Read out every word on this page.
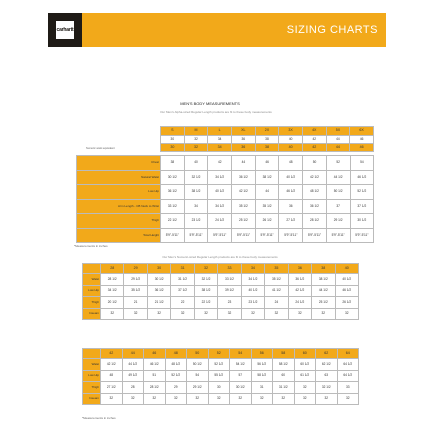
carhartt	SIZING CHARTS
MEN'S BODY MEASUREMENTS
Our Men's Alpha-sized Regular Length products are fit to these body measurements
S	M	L	XL	2X	3X	4X	5X	6X
30	32	34	36	38	40	42	44	46
30	32	34	36	38	40	42	44	46
Numeric waist equivalent
Chest	38	40	42	44	46	48	50	52	54
Natural Waist	30 1/2	32 1/2	34 1/2	36 1/2	38 1/2	40 1/2	42 1/2	44 1/2	46 1/2
Low Hip	36 1/2	38 1/2	40 1/2	42 1/2	44	46 1/2	48 1/2	50 1/2	52 1/2
Arm Length - CB Neck to Wrist	33 1/2	34	34 1/2	35 1/2	35 1/2	36	36 1/2	37	37 1/2
Thigh	22 1/2	23 1/2	24 1/2	25 1/2	26 1/2	27 1/2	28 1/2	29 1/2	30 1/2
Total Height	5'9"-5'11"	5'9"-5'11"	5'9"-5'11"	5'9"-5'11"	5'9"-5'11"	5'9"-5'11"	5'9"-5'11"	5'9"-5'11"	5'9"-5'11"
*Measurements in inches
Our Men's Numeric-sized Regular Length products are fit to these body measurements
	28	29	30	31	32	33	34	35	36	38	40
Waist	28 1/2	29 1/2	30 1/2	31 1/2	32 1/2	33 1/2	34 1/2	35 1/2	36 1/2	38 1/2	40 1/2
Low Hip	34 1/2	35 1/2	36 1/2	37 1/2	38 1/2	39 1/2	40 1/2	41 1/2	42 1/2	44 1/2	46 1/2
Thigh	20 1/2	21	21 1/2	22	22 1/2	23	23 1/2	24	24 1/2	25 1/2	26 1/2
Inseam	32	32	32	32	32	32	32	32	32	32	32
	42	44	46	48	50	52	54	56	58	60	62	64
Waist	42 1/2	44 1/2	46 1/2	48 1/2	50 1/2	52 1/2	54 1/2	56 1/2	58 1/2	60 1/2	62 1/2	64 1/2
Low Hip	48	49 1/2	51	52 1/2	54	55 1/2	57	58 1/2	60	61 1/2	63	64 1/2
Thigh	27 1/2	28	28 1/2	29	29 1/2	30	30 1/2	31	31 1/2	32	32 1/2	33
Inseam	32	32	32	32	32	32	32	32	32	32	32	32
*Measurements in inches
